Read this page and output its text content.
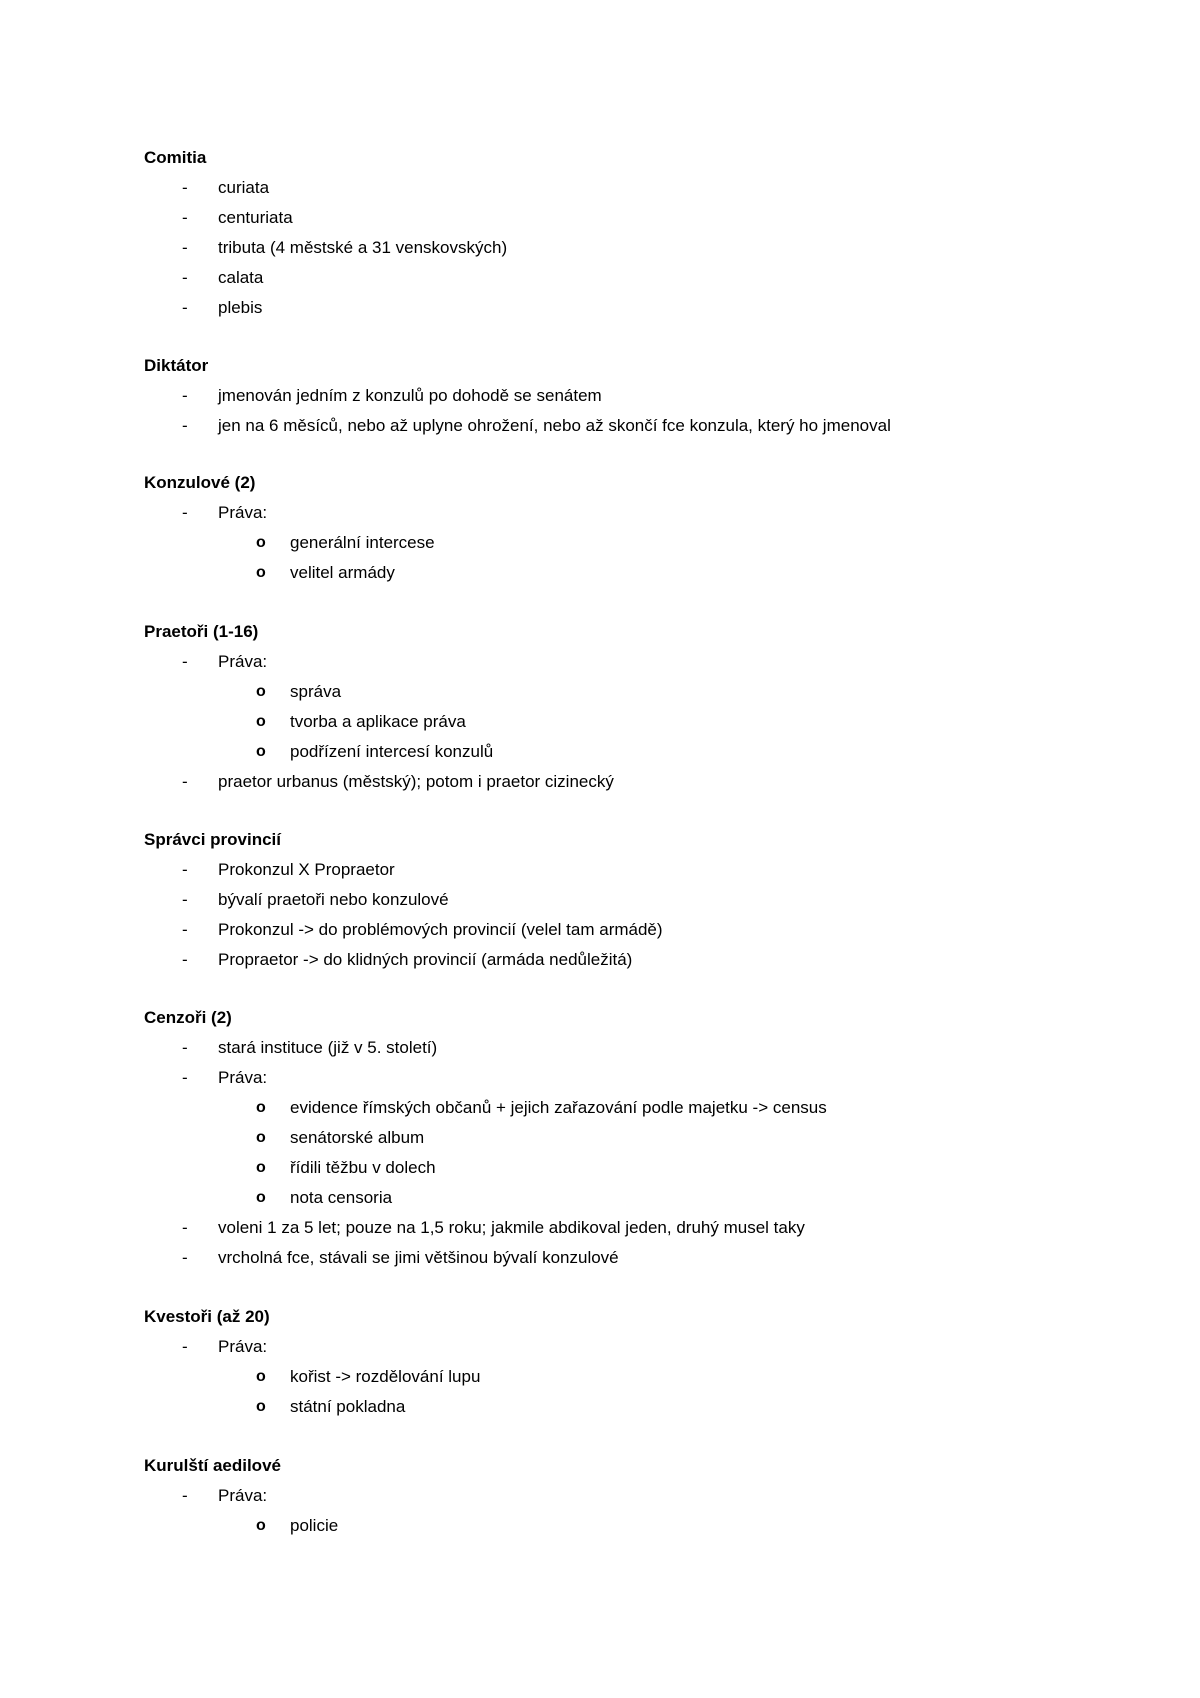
Comitia
- curiata
- centuriata
- tributa (4 městské a 31 venskovských)
- calata
- plebis
Diktátor
- jmenován jedním z konzulů po dohodě se senátem
- jen na 6 měsíců, nebo až uplyne ohrožení, nebo až skončí fce konzula, který ho jmenoval
Konzulové (2)
- Práva:
o generální intercese
o velitel armády
Praetoři (1-16)
- Práva:
o správa
o tvorba a aplikace práva
o podřízení intercesí konzulů
- praetor urbanus (městský); potom i praetor cizinecký
Správci provincií
- Prokonzul X Propraetor
- bývalí praetoři nebo konzulové
- Prokonzul -> do problémových provincií (velel tam armádě)
- Propraetor -> do klidných provincií (armáda nedůležitá)
Cenzoři (2)
- stará instituce (již v 5. století)
- Práva:
o evidence římských občanů + jejich zařazování podle majetku -> census
o senátorské album
o řídili těžbu v dolech
o nota censoria
- voleni 1 za 5 let; pouze na 1,5 roku; jakmile abdikoval jeden, druhý musel taky
- vrcholná fce, stávali se jimi většinou bývalí konzulové
Kvestoři (až 20)
- Práva:
o kořist -> rozdělování lupu
o státní pokladna
Kurulští aedilové
- Práva:
o policie
